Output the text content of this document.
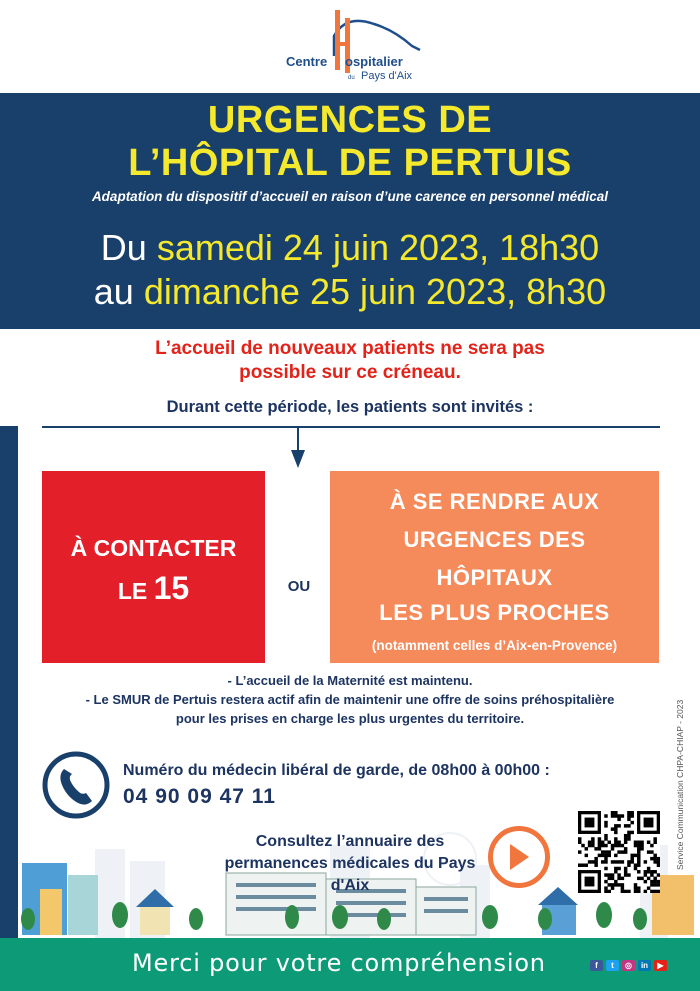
Centre ospitalier
du Pays d'Aix
URGENCES DE
L’HÔPITAL DE PERTUIS
Adaptation du dispositif d’accueil en raison d’une carence en personnel médical
Du samedi 24 juin 2023, 18h30
au dimanche 25 juin 2023, 8h30
L’accueil de nouveaux patients ne sera pas
possible sur ce créneau.
Durant cette période, les patients sont invités :
À CONTACTER
LE 15	OU
À SE RENDRE AUX
URGENCES DES
HÔPITAUX
LES PLUS PROCHES
(notamment celles d’Aix-en-Provence)
- L’accueil de la Maternité est maintenu.
- Le SMUR de Pertuis restera actif afin de maintenir une offre de soins préhospitalière
pour les prises en charge les plus urgentes du territoire.
Numéro du médecin libéral de garde, de 08h00 à 00h00 :
04 90 09 47 11	Service Communication CHPA-CHIAP - 2023
Consultez l’annuaire des
permanences médicales du Pays d'Aix
Merci pour votre compréhension	f	t	◎	in	▶
